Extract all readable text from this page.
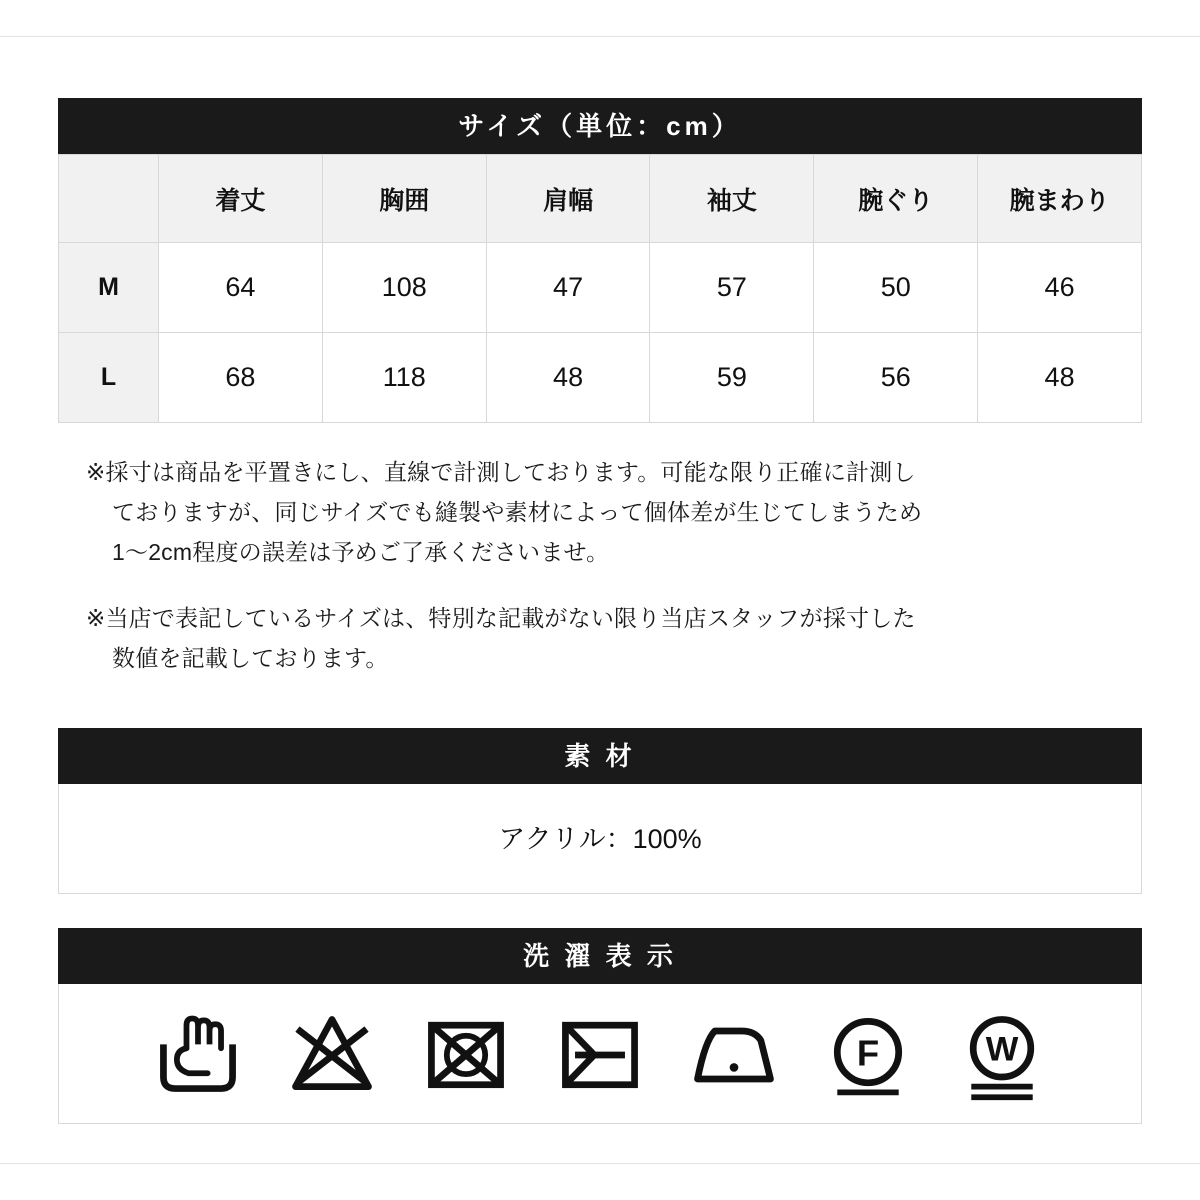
サイズ（単位：cm）
	着丈	胸囲	肩幅	袖丈	腕ぐり	腕まわり
M	64	108	47	57	50	46
L	68	118	48	59	56	48
※採寸は商品を平置きにし、直線で計測しております。可能な限り正確に計測し
ておりますが、同じサイズでも縫製や素材によって個体差が生じてしまうため
1〜2cm程度の誤差は予めご了承くださいませ。
※当店で表記しているサイズは、特別な記載がない限り当店スタッフが採寸した
数値を記載しております。
素 材
アクリル：100%
洗 濯 表 示
F	W
